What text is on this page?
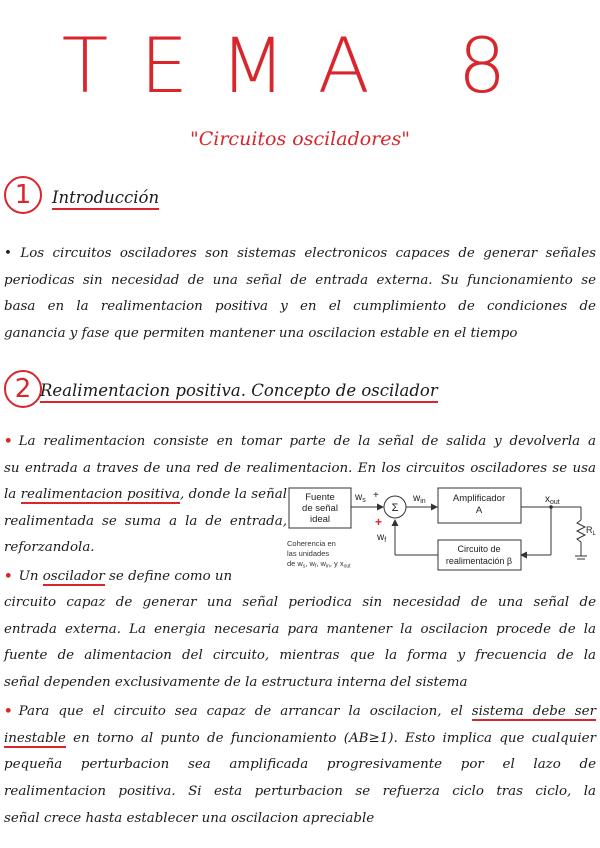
TEMA 8
"Circuitos osciladores"
1	Introducción

• Los circuitos osciladores son sistemas electronicos capaces de generar señales

periodicas sin necesidad de una señal de entrada externa. Su funcionamiento se

basa en la realimentacion positiva y en el cumplimiento de condiciones de

ganancia y fase que permiten mantener una oscilacion estable en el tiempo

2 Realimentacion positiva. Concepto de oscilador

• La realimentacion consiste en tomar parte de la señal de salida y devolverla a

su entrada a traves de una red de realimentacion. En los circuitos osciladores se usa

la realimentacion positiva, donde la señal

realimentada se suma a la de entrada,

reforzandola.

• Un oscilador se define como un

circuito capaz de generar una señal periodica sin necesidad de una señal de

entrada externa. La energia necesaria para mantener la oscilacion procede de la

fuente de alimentacion del circuito, mientras que la forma y frecuencia de la

señal dependen exclusivamente de la estructura interna del sistema

• Para que el circuito sea capaz de arrancar la oscilacion, el sistema debe ser

inestable en torno al punto de funcionamiento (AB≥1). Esto implica que cualquier

pequeña perturbacion sea amplificada progresivamente por el lazo de

realimentacion positiva. Si esta perturbacion se refuerza ciclo tras ciclo, la

señal crece hasta establecer una oscilacion apreciable

Fuente
de señal
ideal
$w_s$ +
Σ
$w_{in}$	Amplificador
A
$x_{out}$
$R_L$
Circuito de
realimentación β
+
$w_f$
Coherencia en
las unidades
de $w_s$, $w_f$, $w_{in}$, y $x_{out}$
